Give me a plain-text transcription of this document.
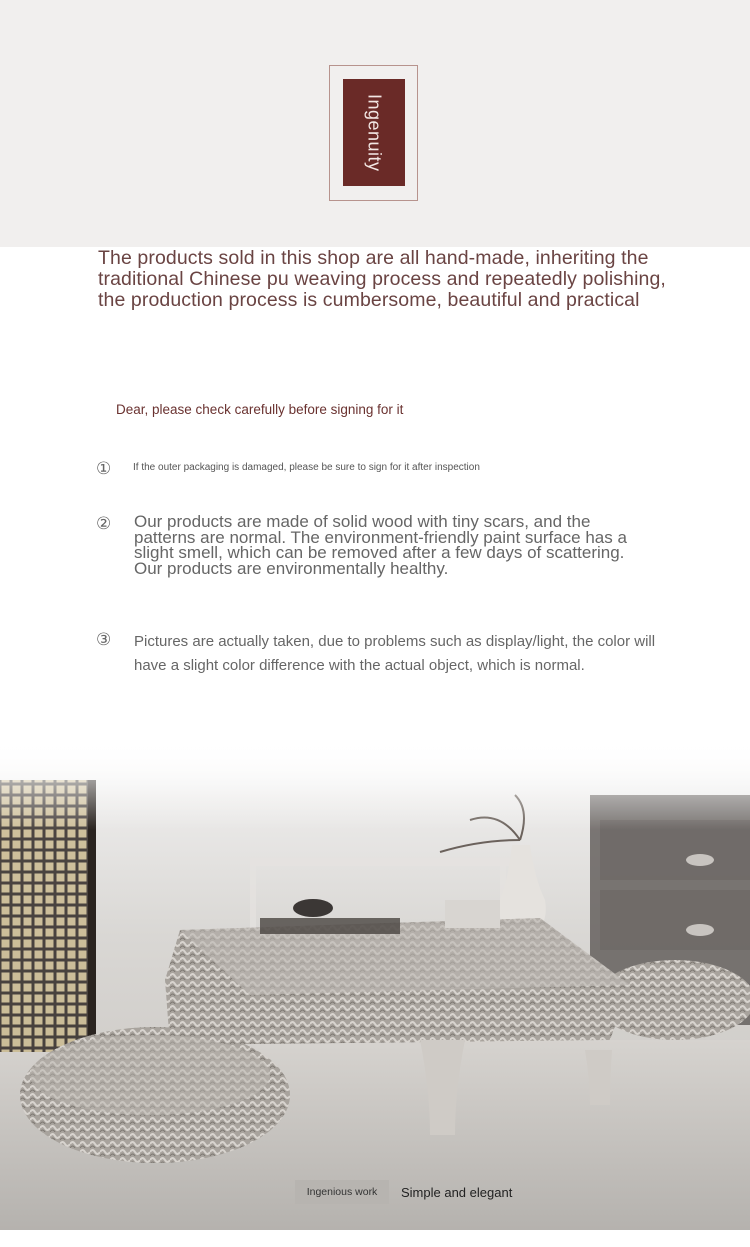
Ingenuity
The products sold in this shop are all hand-made, inheriting the
traditional Chinese pu weaving process and repeatedly polishing,
the production process is cumbersome, beautiful and practical
Dear, please check carefully before signing for it
① If the outer packaging is damaged, please be sure to sign for it after inspection
② Our products are made of solid wood with tiny scars, and the patterns are normal. The environment-friendly paint surface has a slight smell, which can be removed after a few days of scattering. Our products are environmentally healthy.
③ Pictures are actually taken, due to problems such as display/light, the color will have a slight color difference with the actual object, which is normal.
Ingenious work	Simple and elegant
